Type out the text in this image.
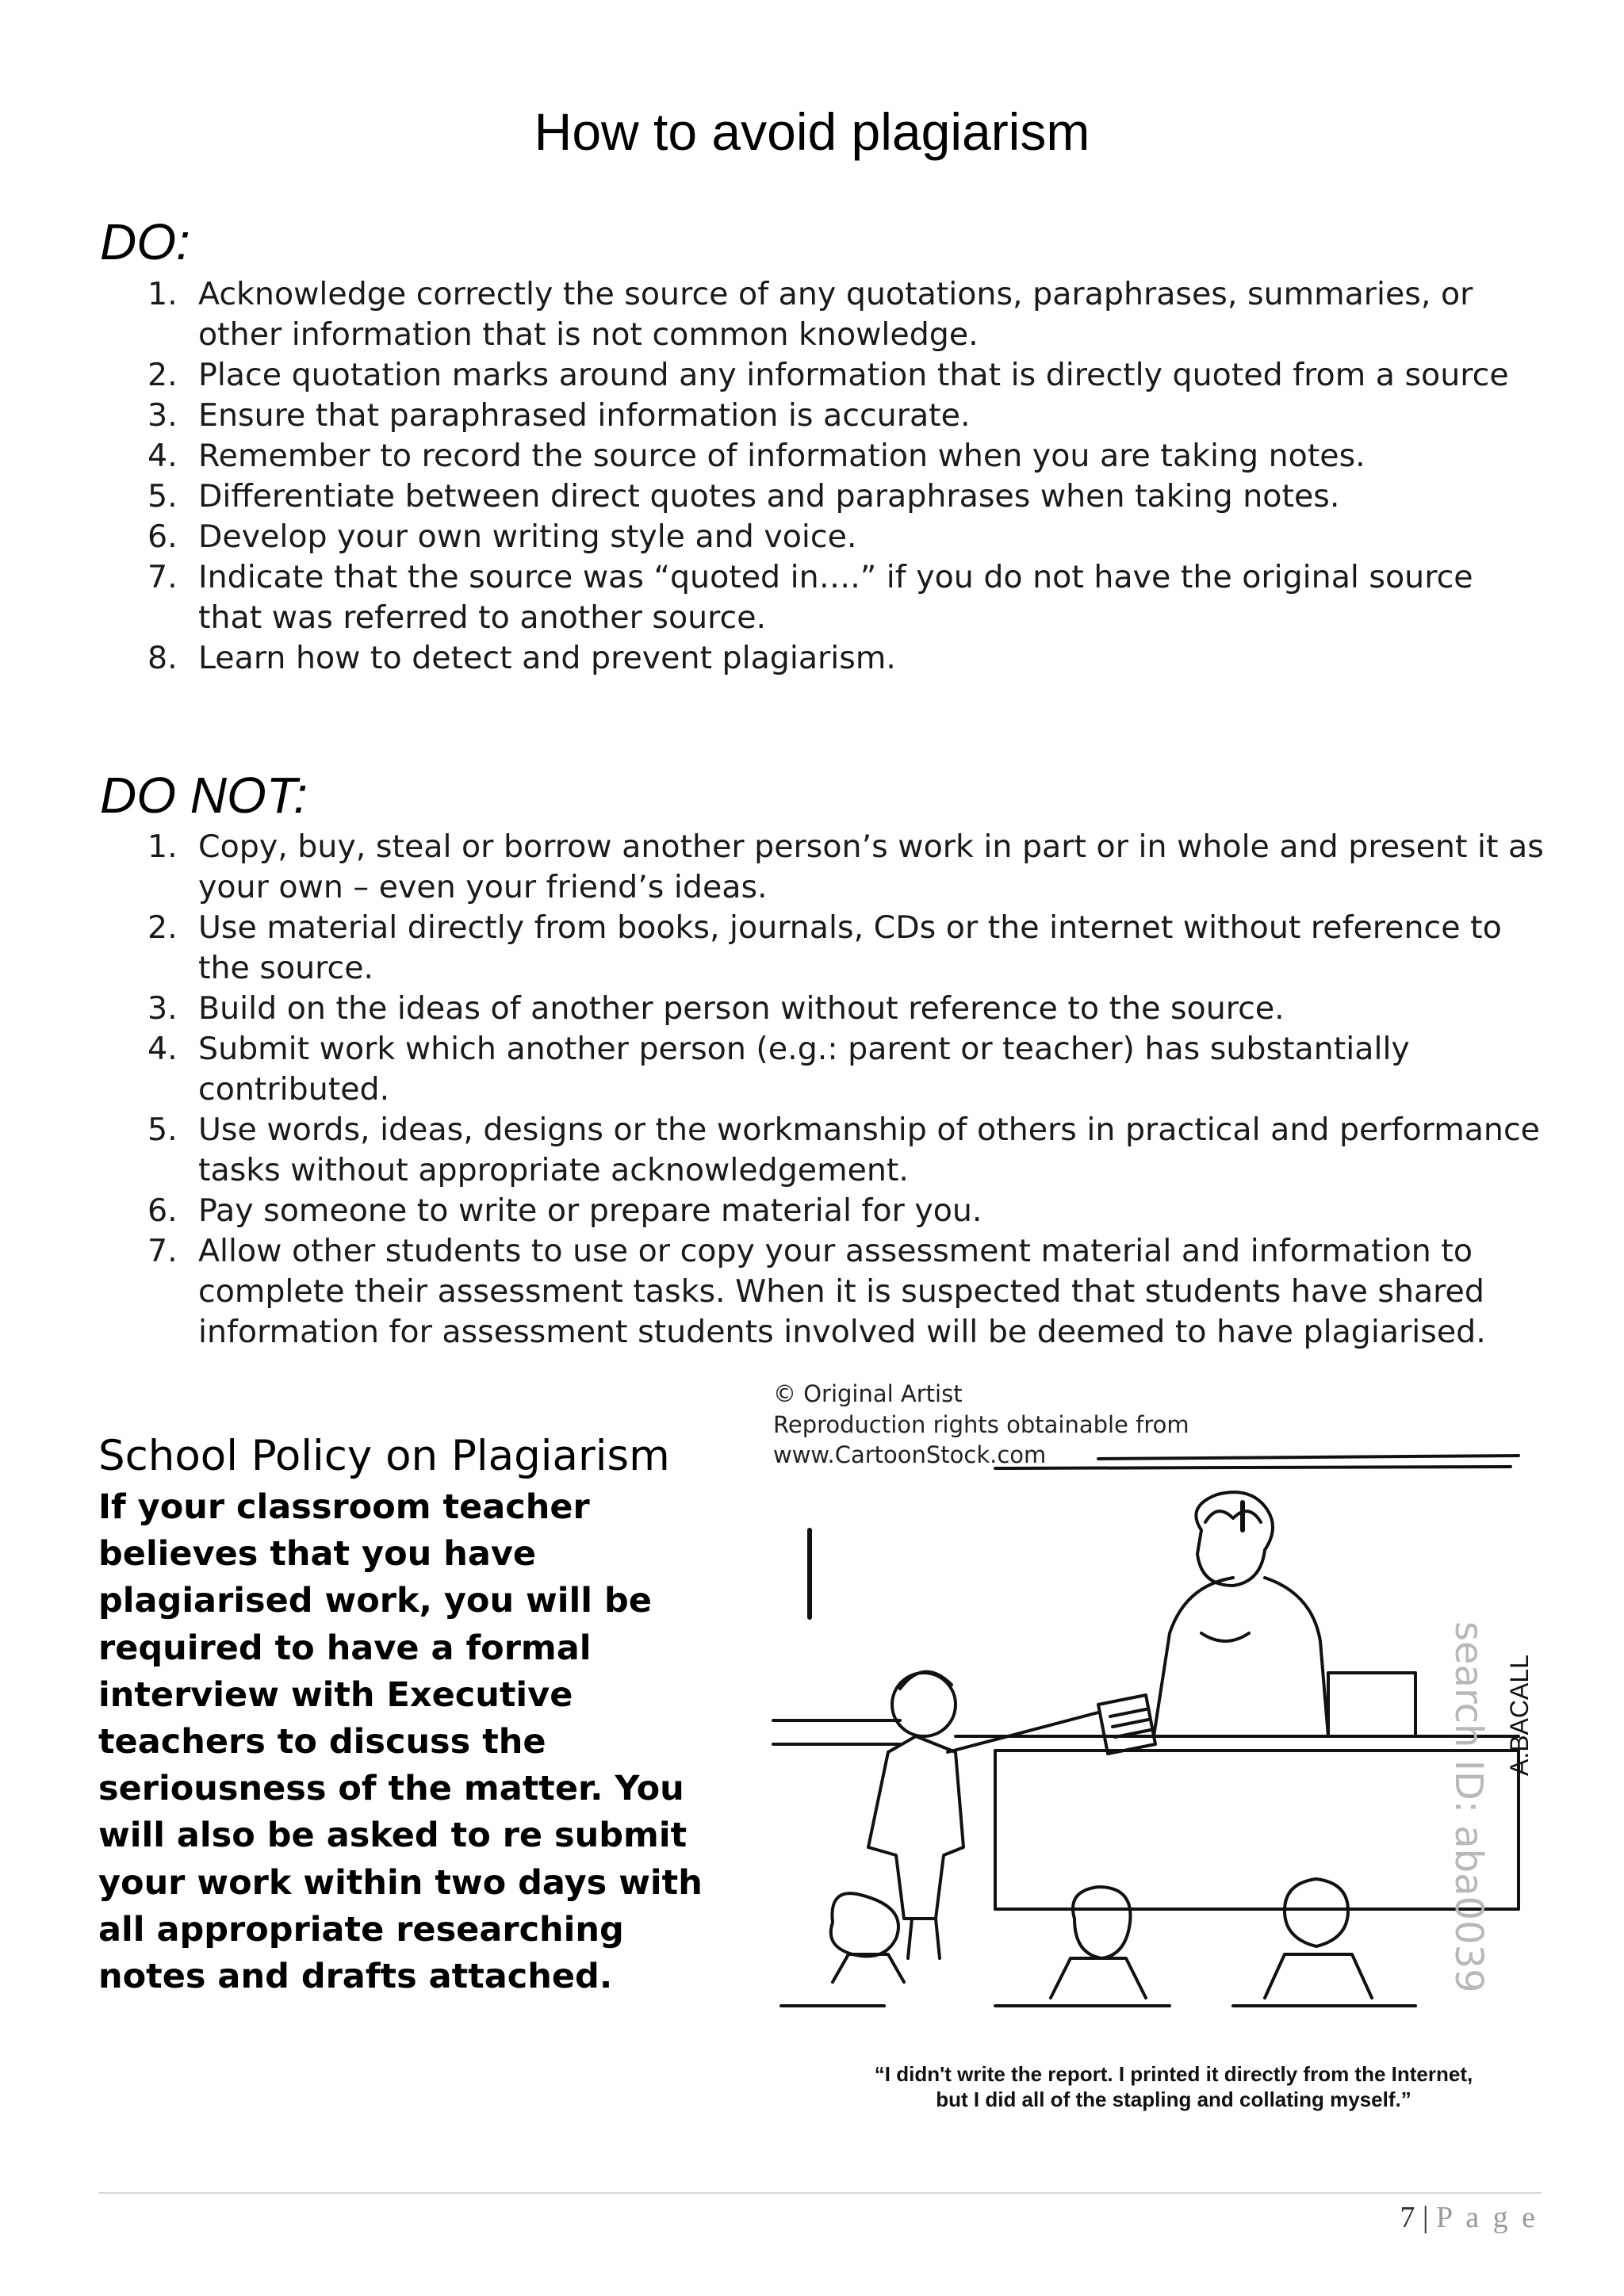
How to avoid plagiarism
DO:
1. Acknowledge correctly the source of any quotations, paraphrases, summaries, or other information that is not common knowledge.
2. Place quotation marks around any information that is directly quoted from a source
3. Ensure that paraphrased information is accurate.
4. Remember to record the source of information when you are taking notes.
5. Differentiate between direct quotes and paraphrases when taking notes.
6. Develop your own writing style and voice.
7. Indicate that the source was “quoted in….” if you do not have the original source that was referred to another source.
8. Learn how to detect and prevent plagiarism.
DO NOT:
1. Copy, buy, steal or borrow another person’s work in part or in whole and present it as your own – even your friend’s ideas.
2. Use material directly from books, journals, CDs or the internet without reference to the source.
3. Build on the ideas of another person without reference to the source.
4. Submit work which another person (e.g.: parent or teacher) has substantially contributed.
5. Use words, ideas, designs or the workmanship of others in practical and performance tasks without appropriate acknowledgement.
6. Pay someone to write or prepare material for you.
7. Allow other students to use or copy your assessment material and information to complete their assessment tasks. When it is suspected that students have shared information for assessment students involved will be deemed to have plagiarised.
School Policy on Plagiarism
If your classroom teacher believes that you have plagiarised work, you will be required to have a formal interview with Executive teachers to discuss the seriousness of the matter. You will also be asked to re submit your work within two days with all appropriate researching notes and drafts attached.
© Original Artist
Reproduction rights obtainable from
www.CartoonStock.com
search ID: aba0039 A.BACALL
“I didn't write the report. I printed it directly from the Internet,
but I did all of the stapling and collating myself.”
7 | P a g e
